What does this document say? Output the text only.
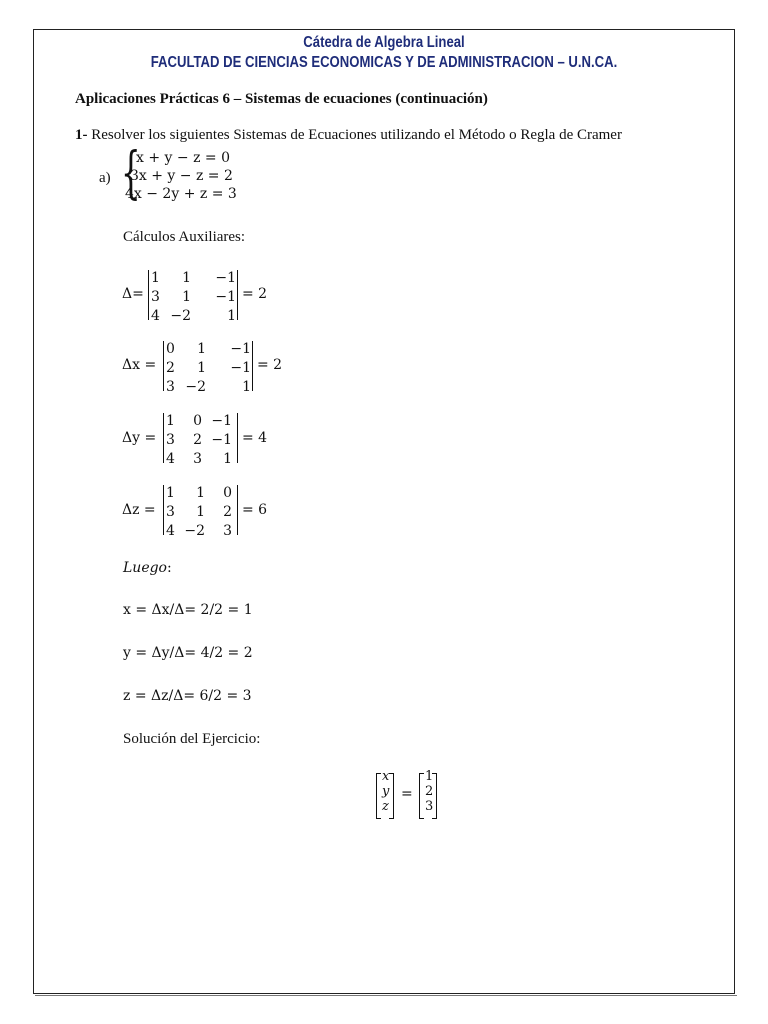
Cátedra de Algebra Lineal
FACULTAD DE CIENCIAS ECONOMICAS Y DE ADMINISTRACION – U.N.CA.
Aplicaciones Prácticas 6 – Sistemas de ecuaciones (continuación)
1- Resolver los siguientes Sistemas de Ecuaciones utilizando el Método o Regla de Cramer
a) {
x + y − z = 0
3x + y − z = 2
4x − 2y + z = 3
Cálculos Auxiliares:
Δ=
1	1	−1
3	1	−1
4	−2	1
= 2
Δx =
0	1	−1
2	1	−1
3	−2	1
= 2
Δy =
1	0	−1
3	2	−1
4	3	1
= 4
Δz =
1	1	0
3	1	2
4	−2	3
= 6
Luego:
x = Δx/Δ= 2/2 = 1
y = Δy/Δ= 4/2 = 2
z = Δz/Δ= 6/2 = 3
Solución del Ejercicio:
x
y
z
=
1
2
3
